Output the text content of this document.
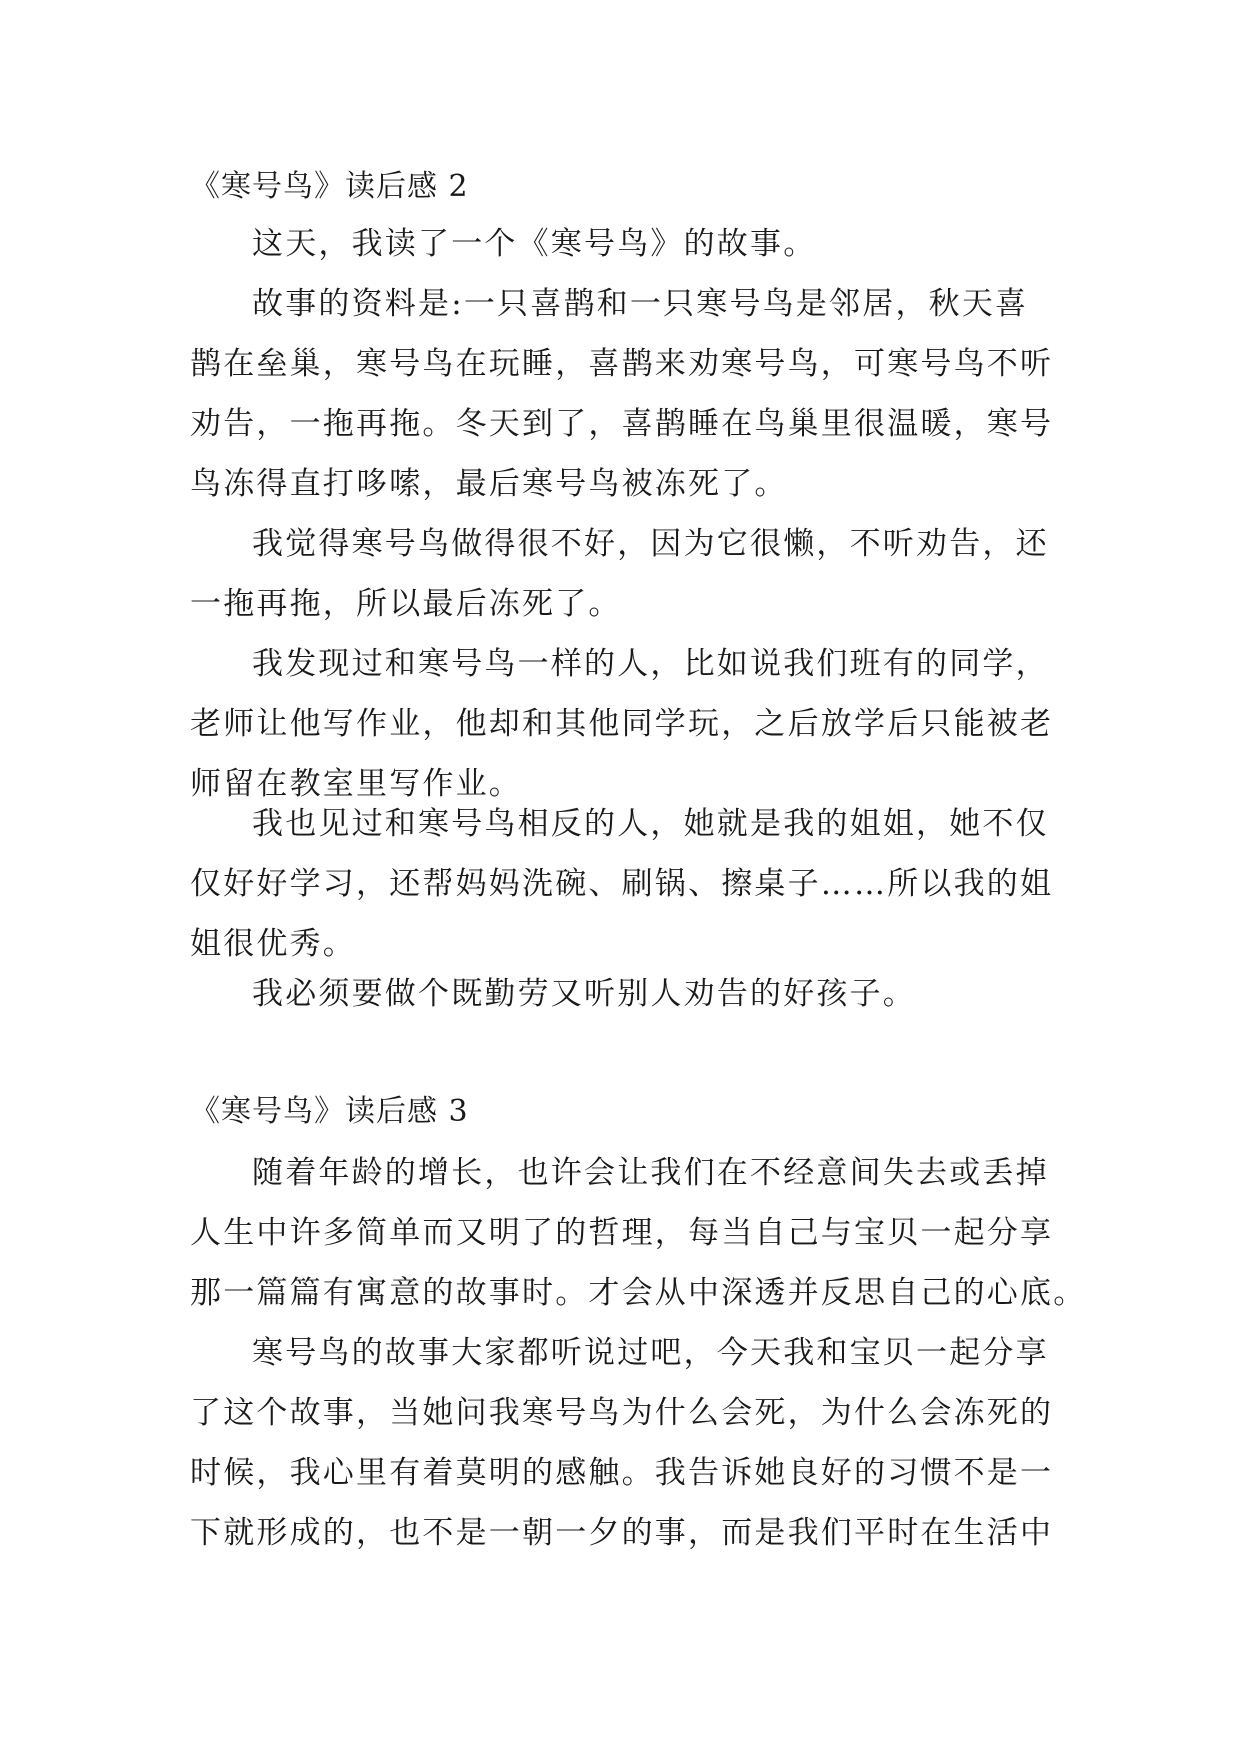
《寒号鸟》读后感 2
这天，我读了一个《寒号鸟》的故事。
故事的资料是:一只喜鹊和一只寒号鸟是邻居，秋天喜
鹊在垒巢，寒号鸟在玩睡，喜鹊来劝寒号鸟，可寒号鸟不听
劝告，一拖再拖。冬天到了，喜鹊睡在鸟巢里很温暖，寒号
鸟冻得直打哆嗦，最后寒号鸟被冻死了。
我觉得寒号鸟做得很不好，因为它很懒，不听劝告，还
一拖再拖，所以最后冻死了。
我发现过和寒号鸟一样的人，比如说我们班有的同学，
老师让他写作业，他却和其他同学玩，之后放学后只能被老
师留在教室里写作业。
我也见过和寒号鸟相反的人，她就是我的姐姐，她不仅
仅好好学习，还帮妈妈洗碗、刷锅、擦桌子……所以我的姐
姐很优秀。
我必须要做个既勤劳又听别人劝告的好孩子。
《寒号鸟》读后感 3
随着年龄的增长，也许会让我们在不经意间失去或丢掉
人生中许多简单而又明了的哲理，每当自己与宝贝一起分享
那一篇篇有寓意的故事时。才会从中深透并反思自己的心底。
寒号鸟的故事大家都听说过吧，今天我和宝贝一起分享
了这个故事，当她问我寒号鸟为什么会死，为什么会冻死的
时候，我心里有着莫明的感触。我告诉她良好的习惯不是一
下就形成的，也不是一朝一夕的事，而是我们平时在生活中
